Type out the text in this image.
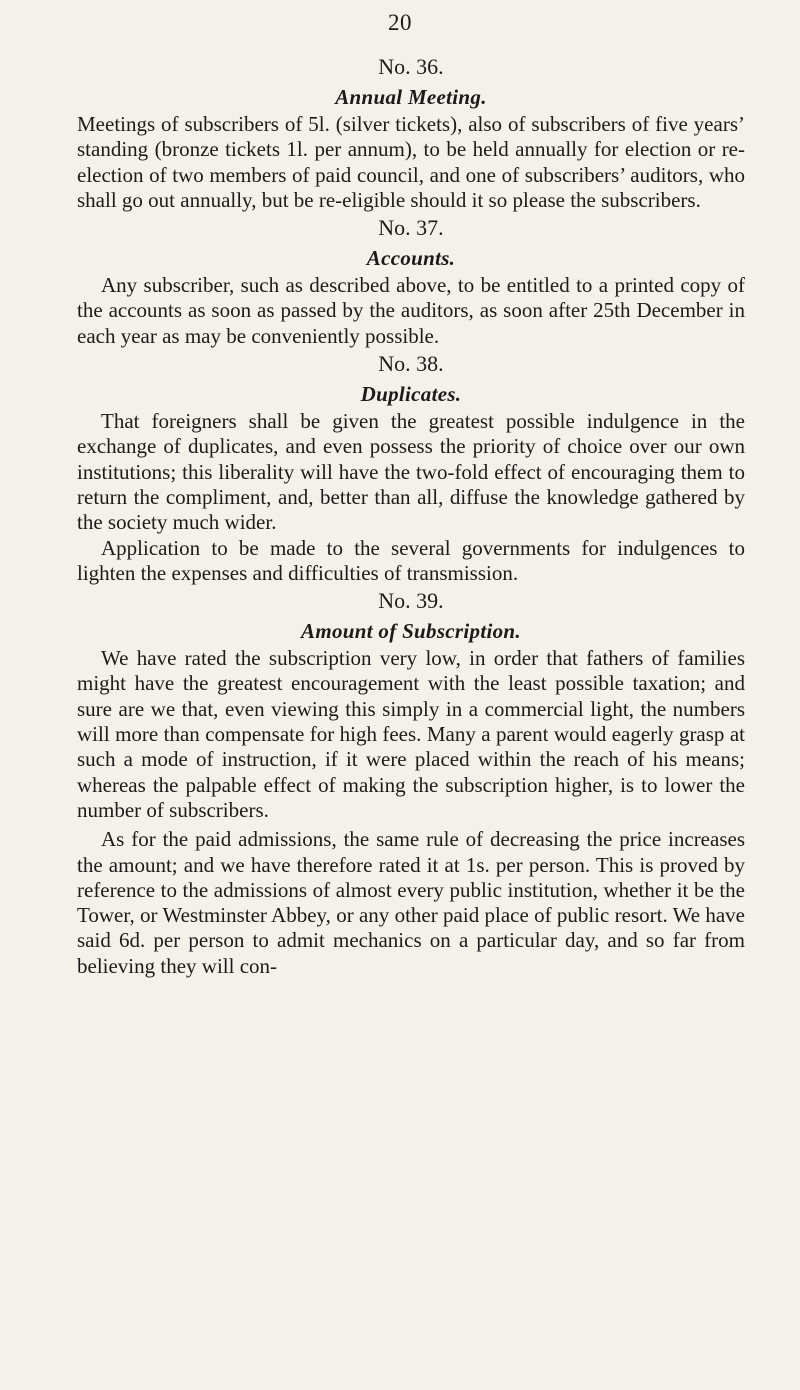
20
No. 36.
Annual Meeting.

Meetings of subscribers of 5l. (silver tickets), also of subscribers of five years’ standing (bronze tickets 1l. per annum), to be held annually for election or re-election of two members of paid council, and one of subscribers’ auditors, who shall go out annually, but be re-eligible should it so please the subscribers.

No. 37.
Accounts.

Any subscriber, such as described above, to be entitled to a printed copy of the accounts as soon as passed by the auditors, as soon after 25th December in each year as may be conveniently possible.

No. 38.
Duplicates.

That foreigners shall be given the greatest possible indulgence in the exchange of duplicates, and even possess the priority of choice over our own institutions; this liberality will have the two-fold effect of encouraging them to return the compliment, and, better than all, diffuse the knowledge gathered by the society much wider.

Application to be made to the several governments for indulgences to lighten the expenses and difficulties of transmission.

No. 39.
Amount of Subscription.

We have rated the subscription very low, in order that fathers of families might have the greatest encouragement with the least possible taxation; and sure are we that, even viewing this simply in a commercial light, the numbers will more than compensate for high fees. Many a parent would eagerly grasp at such a mode of instruction, if it were placed within the reach of his means; whereas the palpable effect of making the subscription higher, is to lower the number of subscribers.

As for the paid admissions, the same rule of decreasing the price increases the amount; and we have therefore rated it at 1s. per person. This is proved by reference to the admissions of almost every public institution, whether it be the Tower, or Westminster Abbey, or any other paid place of public resort. We have said 6d. per person to admit mechanics on a particular day, and so far from believing they will con-
